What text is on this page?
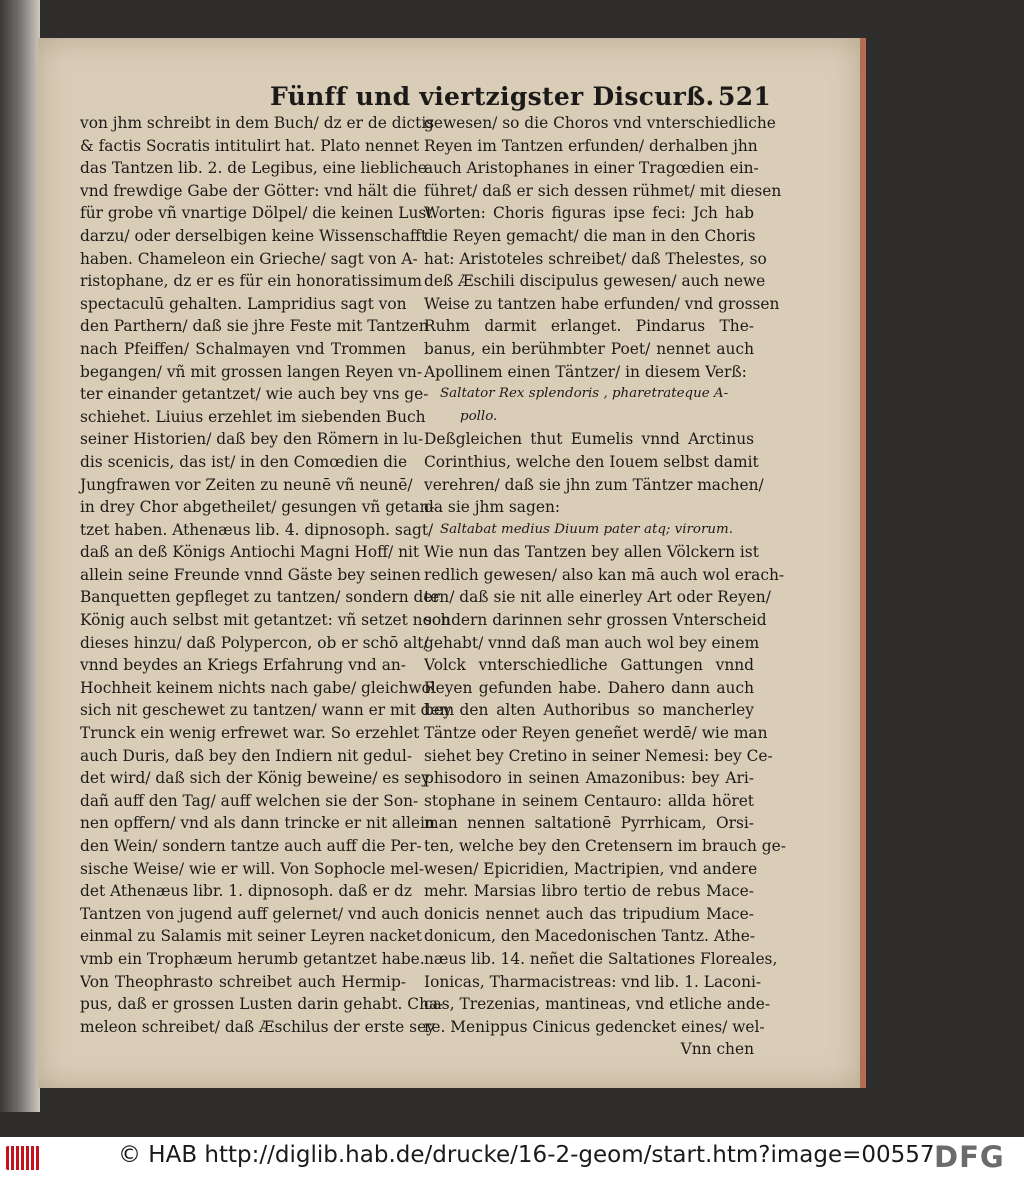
Fünff und viertzigster Discurß. 521
von jhm schreibt in dem Buch/ dz er de dictis
& factis Socratis intitulirt hat. Plato nennet
das Tantzen lib. 2. de Legibus, eine liebliche
vnd frewdige Gabe der Götter: vnd hält die
für grobe vñ vnartige Dölpel/ die keinen Lust
darzu/ oder derselbigen keine Wissenschafft
haben. Chameleon ein Grieche/ sagt von A-
ristophane, dz er es für ein honoratissimum
spectaculū gehalten. Lampridius sagt von
den Parthern/ daß sie jhre Feste mit Tantzen
nach Pfeiffen/ Schalmayen vnd Trommen
begangen/ vñ mit grossen langen Reyen vn-
ter einander getantzet/ wie auch bey vns ge-
schiehet. Liuius erzehlet im siebenden Buch
seiner Historien/ daß bey den Römern in lu-
dis scenicis, das ist/ in den Comœdien die
Jungfrawen vor Zeiten zu neunē vñ neunē/
in drey Chor abgetheilet/ gesungen vñ getan-
tzet haben. Athenæus lib. 4. dipnosoph. sagt/
daß an deß Königs Antiochi Magni Hoff/ nit
allein seine Freunde vnnd Gäste bey seinen
Banquetten gepfleget zu tantzen/ sondern der
König auch selbst mit getantzet: vñ setzet noch
dieses hinzu/ daß Polypercon, ob er schō alt/
vnnd beydes an Kriegs Erfahrung vnd an-
Hochheit keinem nichts nach gabe/ gleichwol
sich nit geschewet zu tantzen/ wann er mit dem
Trunck ein wenig erfrewet war. So erzehlet
auch Duris, daß bey den Indiern nit gedul-
det wird/ daß sich der König beweine/ es sey
dañ auff den Tag/ auff welchen sie der Son-
nen opffern/ vnd als dann trincke er nit allein
den Wein/ sondern tantze auch auff die Per-
sische Weise/ wie er will. Von Sophocle mel-
det Athenæus libr. 1. dipnosoph. daß er dz
Tantzen von jugend auff gelernet/ vnd auch
einmal zu Salamis mit seiner Leyren nacket
vmb ein Trophæum herumb getantzet habe.
Von Theophrasto schreibet auch Hermip-
pus, daß er grossen Lusten darin gehabt. Cha-
meleon schreibet/ daß Æschilus der erste sey
gewesen/ so die Choros vnd vnterschiedliche
Reyen im Tantzen erfunden/ derhalben jhn
auch Aristophanes in einer Tragœdien ein-
führet/ daß er sich dessen rühmet/ mit diesen
Worten: Choris figuras ipse feci: Jch hab
die Reyen gemacht/ die man in den Choris
hat: Aristoteles schreibet/ daß Thelestes, so
deß Æschili discipulus gewesen/ auch newe
Weise zu tantzen habe erfunden/ vnd grossen
Ruhm darmit erlanget. Pindarus The-
banus, ein berühmbter Poet/ nennet auch
Apollinem einen Täntzer/ in diesem Verß:
Saltator Rex splendoris , pharetrateque A-
pollo.
Deßgleichen thut Eumelis vnnd Arctinus
Corinthius, welche den Iouem selbst damit
verehren/ daß sie jhn zum Täntzer machen/
da sie jhm sagen:
Saltabat medius Diuum pater atq; virorum.
Wie nun das Tantzen bey allen Völckern ist
redlich gewesen/ also kan mā auch wol erach-
ten/ daß sie nit alle einerley Art oder Reyen/
sondern darinnen sehr grossen Vnterscheid
gehabt/ vnnd daß man auch wol bey einem
Volck vnterschiedliche Gattungen vnnd
Reyen gefunden habe. Dahero dann auch
bey den alten Authoribus so mancherley
Täntze oder Reyen geneñet werdē/ wie man
siehet bey Cretino in seiner Nemesi: bey Ce-
phisodoro in seinen Amazonibus: bey Ari-
stophane in seinem Centauro: allda höret
man nennen saltationē Pyrrhicam, Orsi-
ten, welche bey den Cretensern im brauch ge-
wesen/ Epicridien, Mactripien, vnd andere
mehr. Marsias libro tertio de rebus Mace-
donicis nennet auch das tripudium Mace-
donicum, den Macedonischen Tantz. Athe-
næus lib. 14. neñet die Saltationes Floreales,
Ionicas, Tharmacistreas: vnd lib. 1. Laconi-
cas, Trezenias, mantineas, vnd etliche ande-
re. Menippus Cinicus gedencket eines/ wel-
Vnn chen
© HAB http://diglib.hab.de/drucke/16-2-geom/start.htm?image=00557 DFG
